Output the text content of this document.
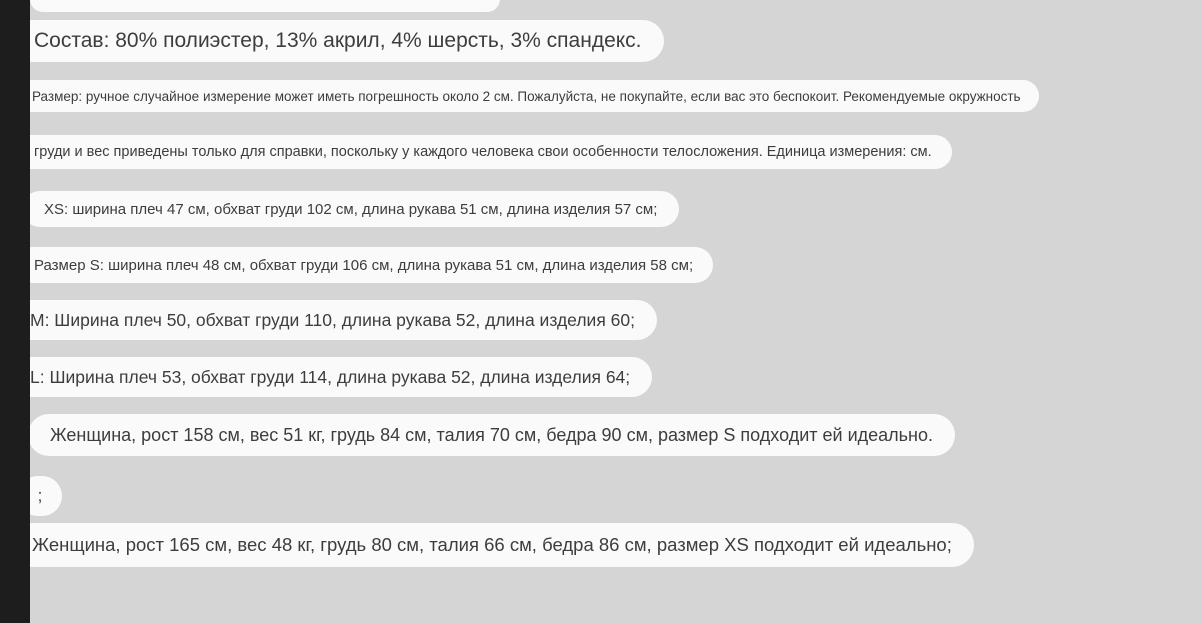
Состав: 80% полиэстер, 13% акрил, 4% шерсть, 3% спандекс.
Размер: ручное случайное измерение может иметь погрешность около 2 см. Пожалуйста, не покупайте, если вас это беспокоит. Рекомендуемые окружность
груди и вес приведены только для справки, поскольку у каждого человека свои особенности телосложения. Единица измерения: см.
XS: ширина плеч 47 см, обхват груди 102 см, длина рукава 51 см, длина изделия 57 см;
Размер S: ширина плеч 48 см, обхват груди 106 см, длина рукава 51 см, длина изделия 58 см;
M: Ширина плеч 50, обхват груди 110, длина рукава 52, длина изделия 60;
L: Ширина плеч 53, обхват груди 114, длина рукава 52, длина изделия 64;
Женщина, рост 158 см, вес 51 кг, грудь 84 см, талия 70 см, бедра 90 см, размер S подходит ей идеально.
;
Женщина, рост 165 см, вес 48 кг, грудь 80 см, талия 66 см, бедра 86 см, размер XS подходит ей идеально;
